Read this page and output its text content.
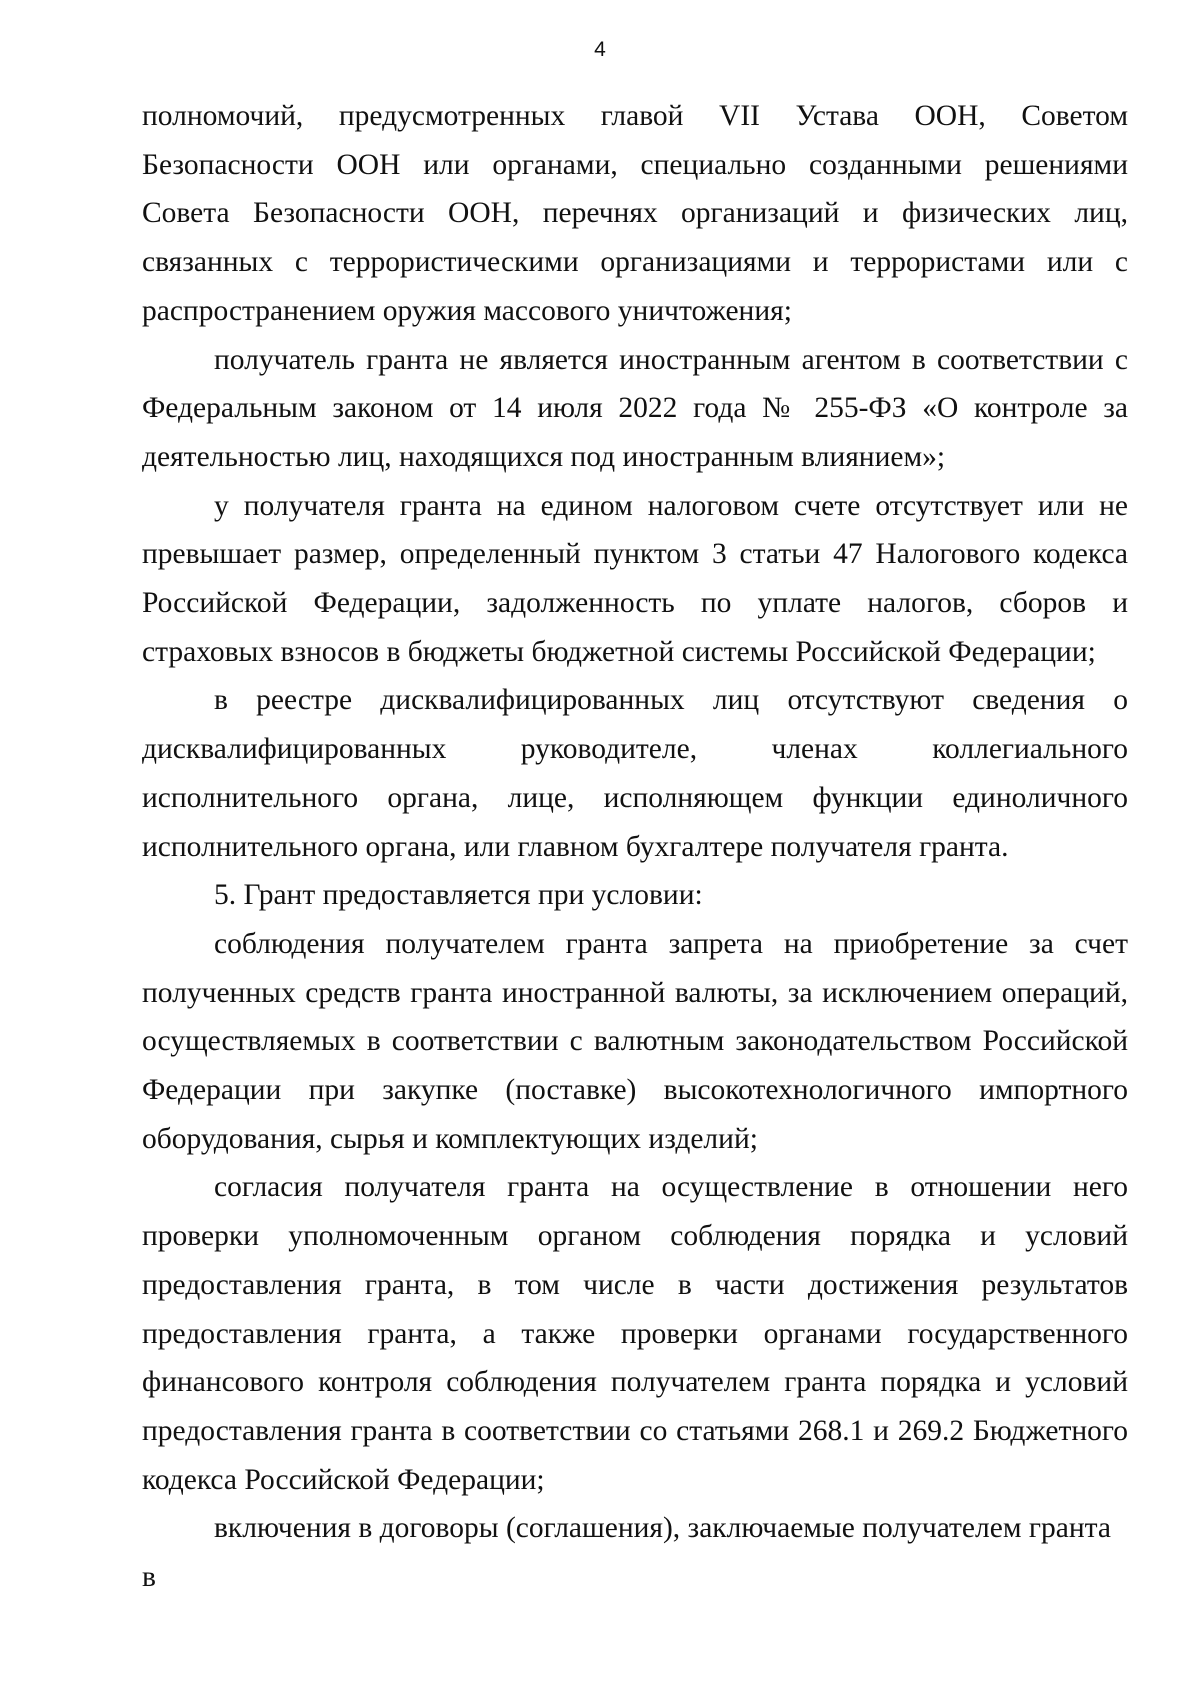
4

полномочий, предусмотренных главой VII Устава ООН, Советом Безопасности ООН или органами, специально созданными решениями Совета Безопасности ООН, перечнях организаций и физических лиц, связанных с террористическими организациями и террористами или с распространением оружия массового уничтожения;

получатель гранта не является иностранным агентом в соответствии с Федеральным законом от 14 июля 2022 года № 255-ФЗ «О контроле за деятельностью лиц, находящихся под иностранным влиянием»;

у получателя гранта на едином налоговом счете отсутствует или не превышает размер, определенный пунктом 3 статьи 47 Налогового кодекса Российской Федерации, задолженность по уплате налогов, сборов и страховых взносов в бюджеты бюджетной системы Российской Федерации;

в реестре дисквалифицированных лиц отсутствуют сведения о дисквалифицированных руководителе, членах коллегиального исполнительного органа, лице, исполняющем функции единоличного исполнительного органа, или главном бухгалтере получателя гранта.

5. Грант предоставляется при условии:

соблюдения получателем гранта запрета на приобретение за счет полученных средств гранта иностранной валюты, за исключением операций, осуществляемых в соответствии с валютным законодательством Российской Федерации при закупке (поставке) высокотехнологичного импортного оборудования, сырья и комплектующих изделий;

согласия получателя гранта на осуществление в отношении него проверки уполномоченным органом соблюдения порядка и условий предоставления гранта, в том числе в части достижения результатов предоставления гранта, а также проверки органами государственного финансового контроля соблюдения получателем гранта порядка и условий предоставления гранта в соответствии со статьями 268.1 и 269.2 Бюджетного кодекса Российской Федерации;

включения в договоры (соглашения), заключаемые получателем гранта в
